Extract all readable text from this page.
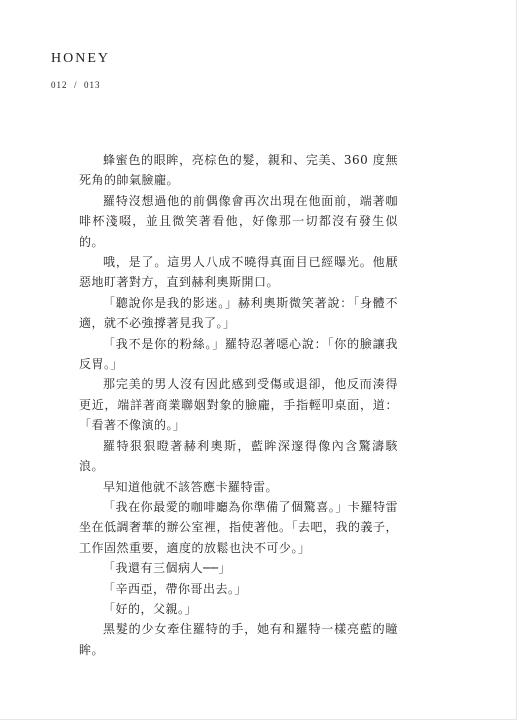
HONEY
012  /  013

蜂蜜色的眼眸，亮棕色的髮，親和、完美、360 度無死角的帥氣臉龐。

羅特沒想過他的前偶像會再次出現在他面前，端著咖啡杯淺啜，並且微笑著看他，好像那一切都沒有發生似的。

哦，是了。這男人八成不曉得真面目已經曝光。他厭惡地盯著對方，直到赫利奧斯開口。

「聽說你是我的影迷。」赫利奧斯微笑著說：「身體不適，就不必強撐著見我了。」

「我不是你的粉絲。」羅特忍著噁心說：「你的臉讓我反胃。」

那完美的男人沒有因此感到受傷或退卻，他反而湊得更近，端詳著商業聯姻對象的臉龐，手指輕叩桌面，道：「看著不像演的。」

羅特狠狠瞪著赫利奧斯，藍眸深邃得像內含驚濤駭浪。

早知道他就不該答應卡羅特雷。

「我在你最愛的咖啡廳為你準備了個驚喜。」卡羅特雷坐在低調奢華的辦公室裡，指使著他。「去吧，我的義子，工作固然重要，適度的放鬆也決不可少。」

「我還有三個病人──」

「辛西亞，帶你哥出去。」

「好的，父親。」

黑髮的少女牽住羅特的手，她有和羅特一樣亮藍的瞳眸。
